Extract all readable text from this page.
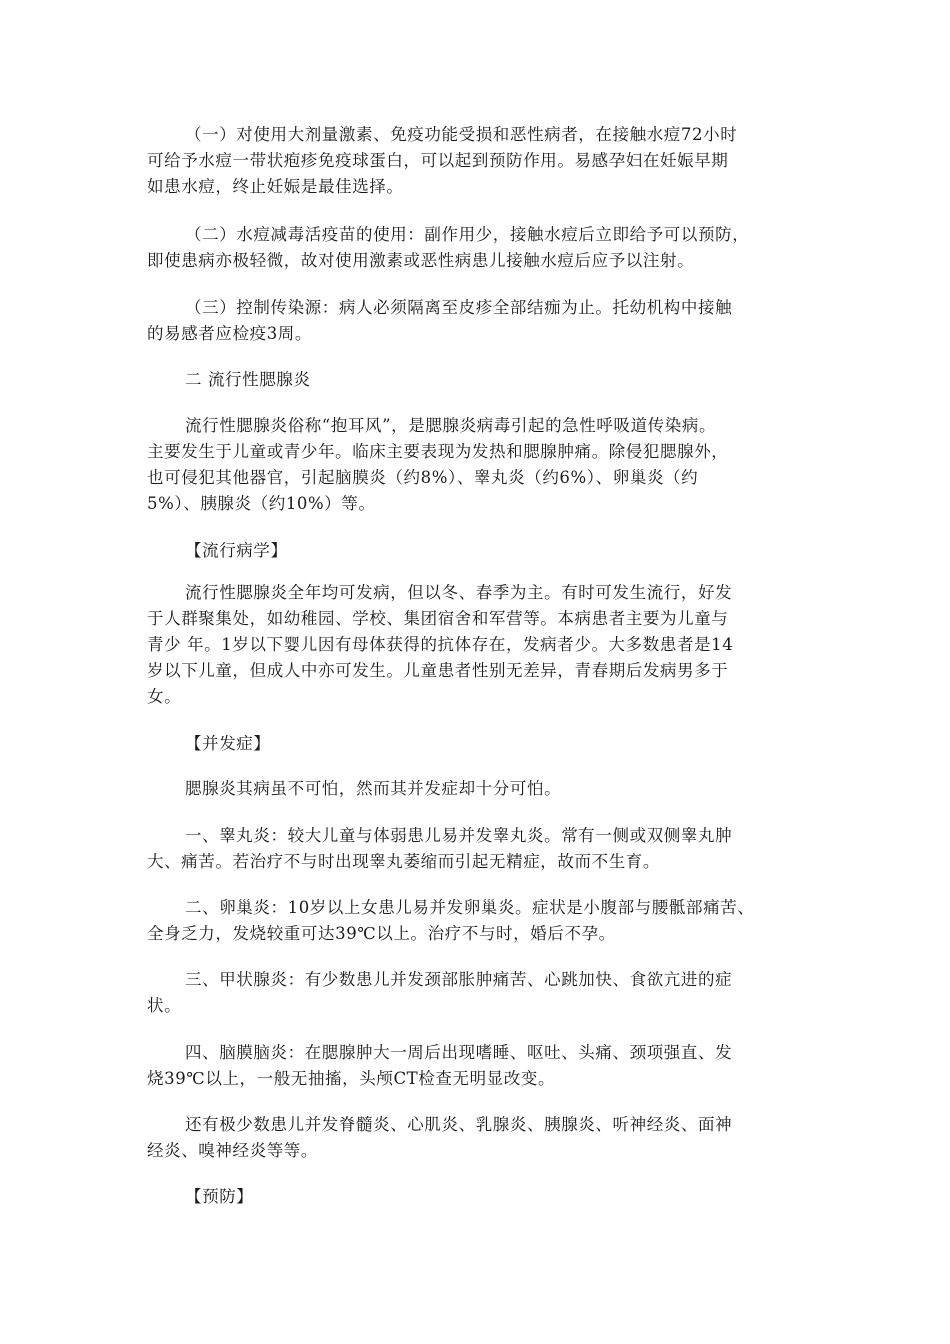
（一）对使用大剂量激素、免疫功能受损和恶性病者，在接触水痘72小时
可给予水痘一带状疱疹免疫球蛋白，可以起到预防作用。易感孕妇在妊娠早期
如患水痘，终止妊娠是最佳选择。
（二）水痘减毒活疫苗的使用：副作用少，接触水痘后立即给予可以预防，
即使患病亦极轻微，故对使用激素或恶性病患儿接触水痘后应予以注射。
（三）控制传染源：病人必须隔离至皮疹全部结痂为止。托幼机构中接触
的易感者应检疫3周。
二 流行性腮腺炎
流行性腮腺炎俗称“抱耳风”，是腮腺炎病毒引起的急性呼吸道传染病。
主要发生于儿童或青少年。临床主要表现为发热和腮腺肿痛。除侵犯腮腺外，
也可侵犯其他器官，引起脑膜炎（约8%）、睾丸炎（约6%）、卵巢炎（约
5%）、胰腺炎（约10%）等。
【流行病学】
流行性腮腺炎全年均可发病，但以冬、春季为主。有时可发生流行，好发
于人群聚集处，如幼稚园、学校、集团宿舍和军营等。本病患者主要为儿童与
青少 年。1岁以下婴儿因有母体获得的抗体存在，发病者少。大多数患者是14
岁以下儿童，但成人中亦可发生。儿童患者性别无差异，青春期后发病男多于
女。
【并发症】
腮腺炎其病虽不可怕，然而其并发症却十分可怕。
一、睾丸炎：较大儿童与体弱患儿易并发睾丸炎。常有一侧或双侧睾丸肿
大、痛苦。若治疗不与时出现睾丸萎缩而引起无精症，故而不生育。
二、卵巢炎：10岁以上女患儿易并发卵巢炎。症状是小腹部与腰骶部痛苦、
全身乏力，发烧较重可达39℃以上。治疗不与时，婚后不孕。
三、甲状腺炎：有少数患儿并发颈部胀肿痛苦、心跳加快、食欲亢进的症
状。
四、脑膜脑炎：在腮腺肿大一周后出现嗜睡、呕吐、头痛、颈项强直、发
烧39℃以上，一般无抽搐，头颅CT检查无明显改变。
还有极少数患儿并发脊髓炎、心肌炎、乳腺炎、胰腺炎、听神经炎、面神
经炎、嗅神经炎等等。
【预防】
